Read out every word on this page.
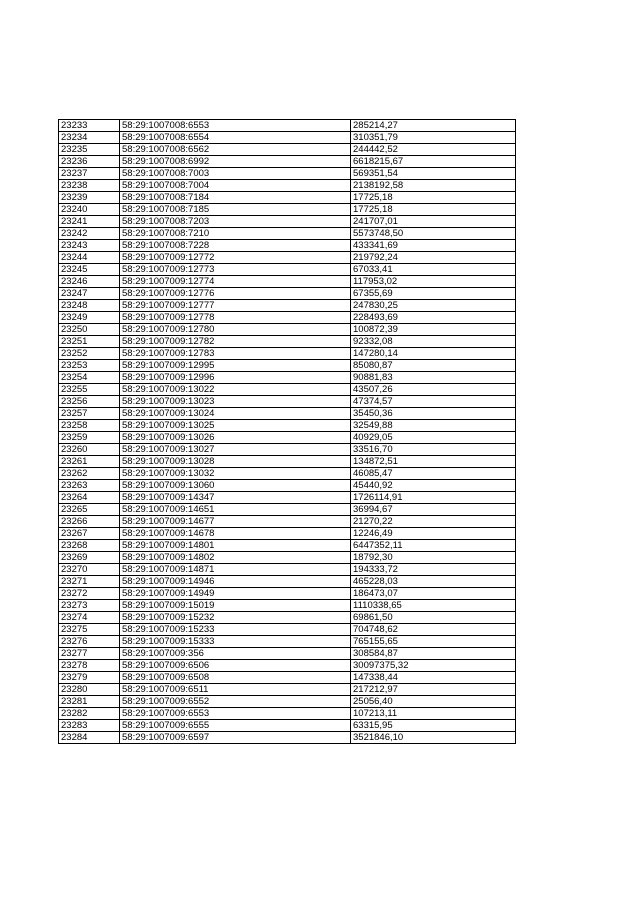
23233	58:29:1007008:6553	285214,27
23234	58:29:1007008:6554	310351,79
23235	58:29:1007008:6562	244442,52
23236	58:29:1007008:6992	6618215,67
23237	58:29:1007008:7003	569351,54
23238	58:29:1007008:7004	2138192,58
23239	58:29:1007008:7184	17725,18
23240	58:29:1007008:7185	17725,18
23241	58:29:1007008:7203	241707,01
23242	58:29:1007008:7210	5573748,50
23243	58:29:1007008:7228	433341,69
23244	58:29:1007009:12772	219792,24
23245	58:29:1007009:12773	67033,41
23246	58:29:1007009:12774	117953,02
23247	58:29:1007009:12776	67355,69
23248	58:29:1007009:12777	247830,25
23249	58:29:1007009:12778	228493,69
23250	58:29:1007009:12780	100872,39
23251	58:29:1007009:12782	92332,08
23252	58:29:1007009:12783	147280,14
23253	58:29:1007009:12995	85080,87
23254	58:29:1007009:12996	90881,83
23255	58:29:1007009:13022	43507,26
23256	58:29:1007009:13023	47374,57
23257	58:29:1007009:13024	35450,36
23258	58:29:1007009:13025	32549,88
23259	58:29:1007009:13026	40929,05
23260	58:29:1007009:13027	33516,70
23261	58:29:1007009:13028	134872,51
23262	58:29:1007009:13032	46085,47
23263	58:29:1007009:13060	45440,92
23264	58:29:1007009:14347	1726114,91
23265	58:29:1007009:14651	36994,67
23266	58:29:1007009:14677	21270,22
23267	58:29:1007009:14678	12246,49
23268	58:29:1007009:14801	6447352,11
23269	58:29:1007009:14802	18792,30
23270	58:29:1007009:14871	194333,72
23271	58:29:1007009:14946	465228,03
23272	58:29:1007009:14949	186473,07
23273	58:29:1007009:15019	1110338,65
23274	58:29:1007009:15232	69861,50
23275	58:29:1007009:15233	704748,62
23276	58:29:1007009:15333	765155,65
23277	58:29:1007009:356	308584,87
23278	58:29:1007009:6506	30097375,32
23279	58:29:1007009:6508	147338,44
23280	58:29:1007009:6511	217212,97
23281	58:29:1007009:6552	25056,40
23282	58:29:1007009:6553	107213,11
23283	58:29:1007009:6555	63315,95
23284	58:29:1007009:6597	3521846,10
